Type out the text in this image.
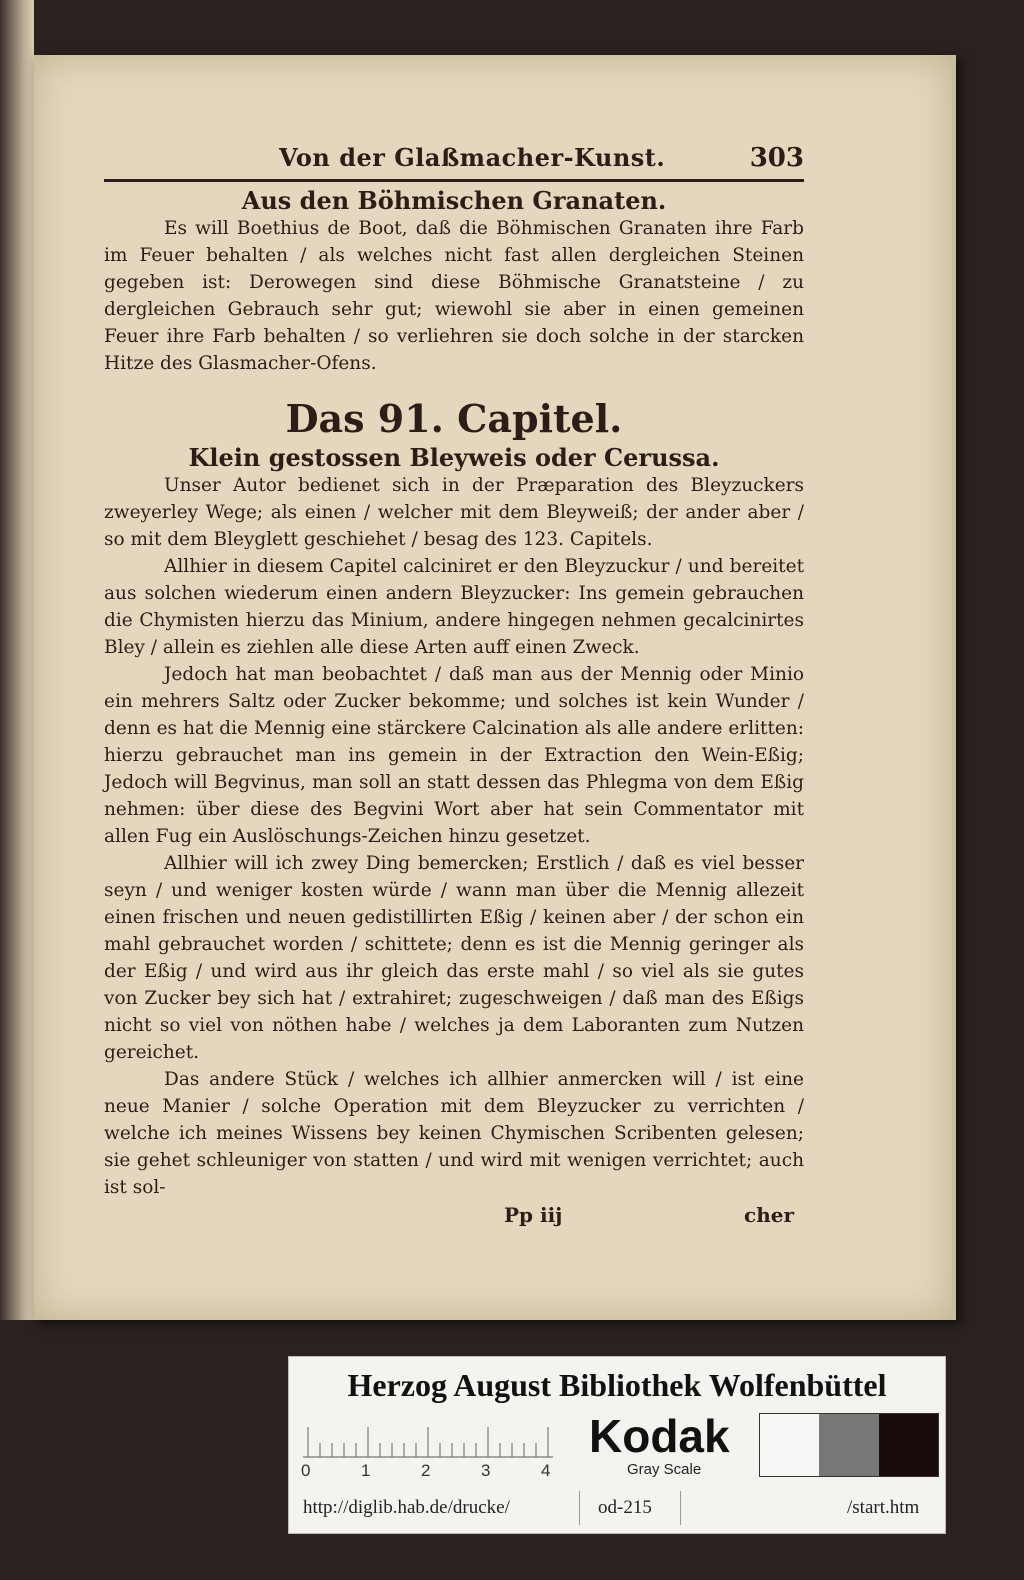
Von der Glaßmacher-Kunst.	303
Aus den Böhmischen Granaten.

Es will Boethius de Boot, daß die Böhmischen Granaten ihre Farb im Feuer behalten / als welches nicht fast allen dergleichen Steinen gegeben ist: Derowegen sind diese Böhmische Granatsteine / zu dergleichen Gebrauch sehr gut; wiewohl sie aber in einen gemeinen Feuer ihre Farb behalten / so verliehren sie doch solche in der starcken Hitze des Glasmacher-Ofens.

Das 91. Capitel.
Klein gestossen Bleyweis oder Cerussa.

Unser Autor bedienet sich in der Præparation des Bleyzuckers zweyerley Wege; als einen / welcher mit dem Bleyweiß; der ander aber / so mit dem Bleyglett geschiehet / besag des 123. Capitels.

Allhier in diesem Capitel calciniret er den Bleyzuckur / und bereitet aus solchen wiederum einen andern Bleyzucker: Ins gemein gebrauchen die Chymisten hierzu das Minium, andere hingegen nehmen gecalcinirtes Bley / allein es ziehlen alle diese Arten auff einen Zweck.

Jedoch hat man beobachtet / daß man aus der Mennig oder Minio ein mehrers Saltz oder Zucker bekomme; und solches ist kein Wunder / denn es hat die Mennig eine stärckere Calcination als alle andere erlitten: hierzu gebrauchet man ins gemein in der Extraction den Wein-Eßig; Jedoch will Begvinus, man soll an statt dessen das Phlegma von dem Eßig nehmen: über diese des Begvini Wort aber hat sein Commentator mit allen Fug ein Auslöschungs-Zeichen hinzu gesetzet.

Allhier will ich zwey Ding bemercken; Erstlich / daß es viel besser seyn / und weniger kosten würde / wann man über die Mennig allezeit einen frischen und neuen gedistillirten Eßig / keinen aber / der schon ein mahl gebrauchet worden / schittete; denn es ist die Mennig geringer als der Eßig / und wird aus ihr gleich das erste mahl / so viel als sie gutes von Zucker bey sich hat / extrahiret; zugeschweigen / daß man des Eßigs nicht so viel von nöthen habe / welches ja dem Laboranten zum Nutzen gereichet.

Das andere Stück / welches ich allhier anmercken will / ist eine neue Manier / solche Operation mit dem Bleyzucker zu verrichten / welche ich meines Wissens bey keinen Chymischen Scribenten gelesen; sie gehet schleuniger von statten / und wird mit wenigen verrichtet; auch ist sol-

Pp iij	cher
Herzog August Bibliothek Wolfenbüttel
0	1	2	3	4
Kodak
Gray Scale
http://diglib.hab.de/drucke/	od-215	/start.htm
